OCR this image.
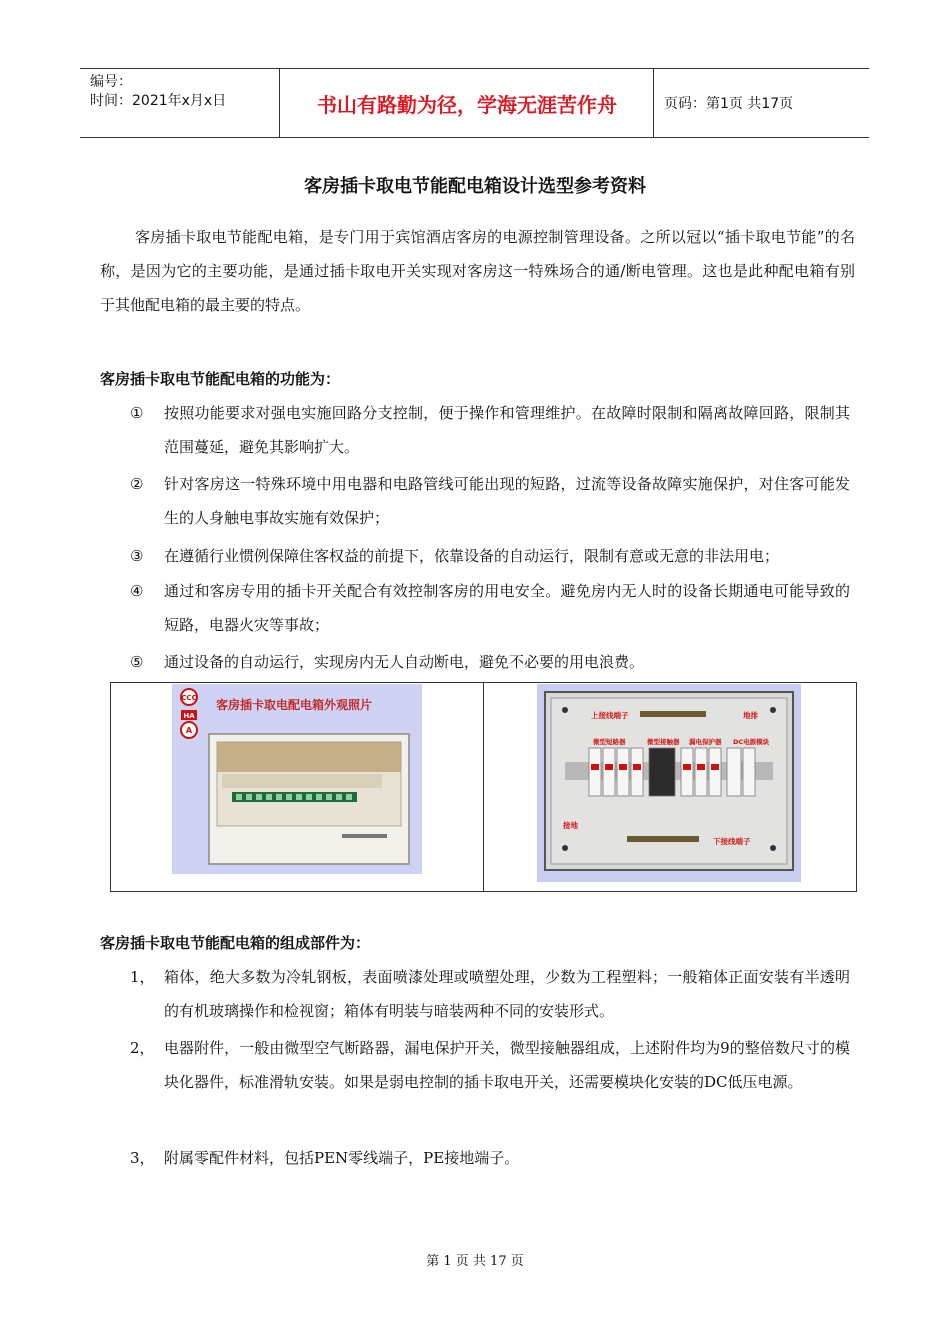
编号：
时间：2021年x月x日	书山有路勤为径，学海无涯苦作舟	页码：第1页 共17页
客房插卡取电节能配电箱设计选型参考资料
客房插卡取电节能配电箱，是专门用于宾馆酒店客房的电源控制管理设备。之所以冠以“插卡取电节能”的名称，是因为它的主要功能，是通过插卡取电开关实现对客房这一特殊场合的通/断电管理。这也是此种配电箱有别于其他配电箱的最主要的特点。
客房插卡取电节能配电箱的功能为：
①	按照功能要求对强电实施回路分支控制，便于操作和管理维护。在故障时限制和隔离故障回路，限制其范围蔓延，避免其影响扩大。
②	针对客房这一特殊环境中用电器和电路管线可能出现的短路，过流等设备故障实施保护，对住客可能发生的人身触电事故实施有效保护；
③	在遵循行业惯例保障住客权益的前提下，依靠设备的自动运行，限制有意或无意的非法用电；
④	通过和客房专用的插卡开关配合有效控制客房的用电安全。避免房内无人时的设备长期通电可能导致的短路，电器火灾等事故；
⑤	通过设备的自动运行，实现房内无人自动断电，避免不必要的用电浪费。
CCC
HA
A
客房插卡取电配电箱外观照片
上接线端子	地排
微型短路器	微型接触器 漏电保护器 DC电源模块
接地
下接线端子
客房插卡取电节能配电箱的组成部件为：
1， 箱体，绝大多数为冷轧钢板，表面喷漆处理或喷塑处理，少数为工程塑料；一般箱体正面安装有半透明的有机玻璃操作和检视窗；箱体有明装与暗装两种不同的安装形式。
2， 电器附件，一般由微型空气断路器，漏电保护开关，微型接触器组成，上述附件均为9的整倍数尺寸的模块化器件，标准滑轨安装。如果是弱电控制的插卡取电开关，还需要模块化安装的DC低压电源。
3， 附属零配件材料，包括PEN零线端子，PE接地端子。
第 1 页 共 17 页
